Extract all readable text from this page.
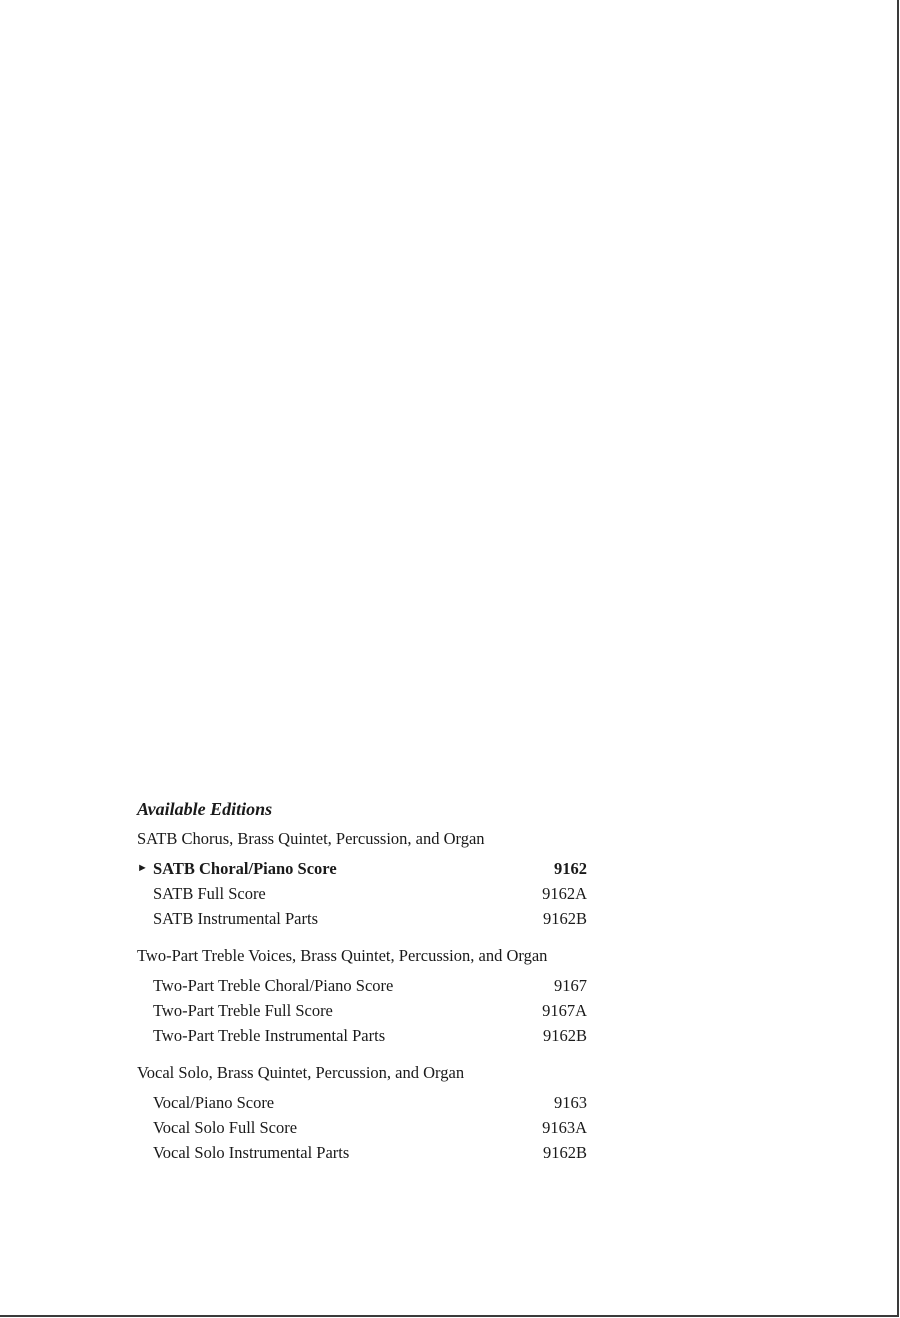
Available Editions
SATB Chorus, Brass Quintet, Percussion, and Organ
► SATB Choral/Piano Score	9162
SATB Full Score	9162A
SATB Instrumental Parts	9162B
Two-Part Treble Voices, Brass Quintet, Percussion, and Organ
Two-Part Treble Choral/Piano Score	9167
Two-Part Treble Full Score	9167A
Two-Part Treble Instrumental Parts	9162B
Vocal Solo, Brass Quintet, Percussion, and Organ
Vocal/Piano Score	9163
Vocal Solo Full Score	9163A
Vocal Solo Instrumental Parts	9162B
